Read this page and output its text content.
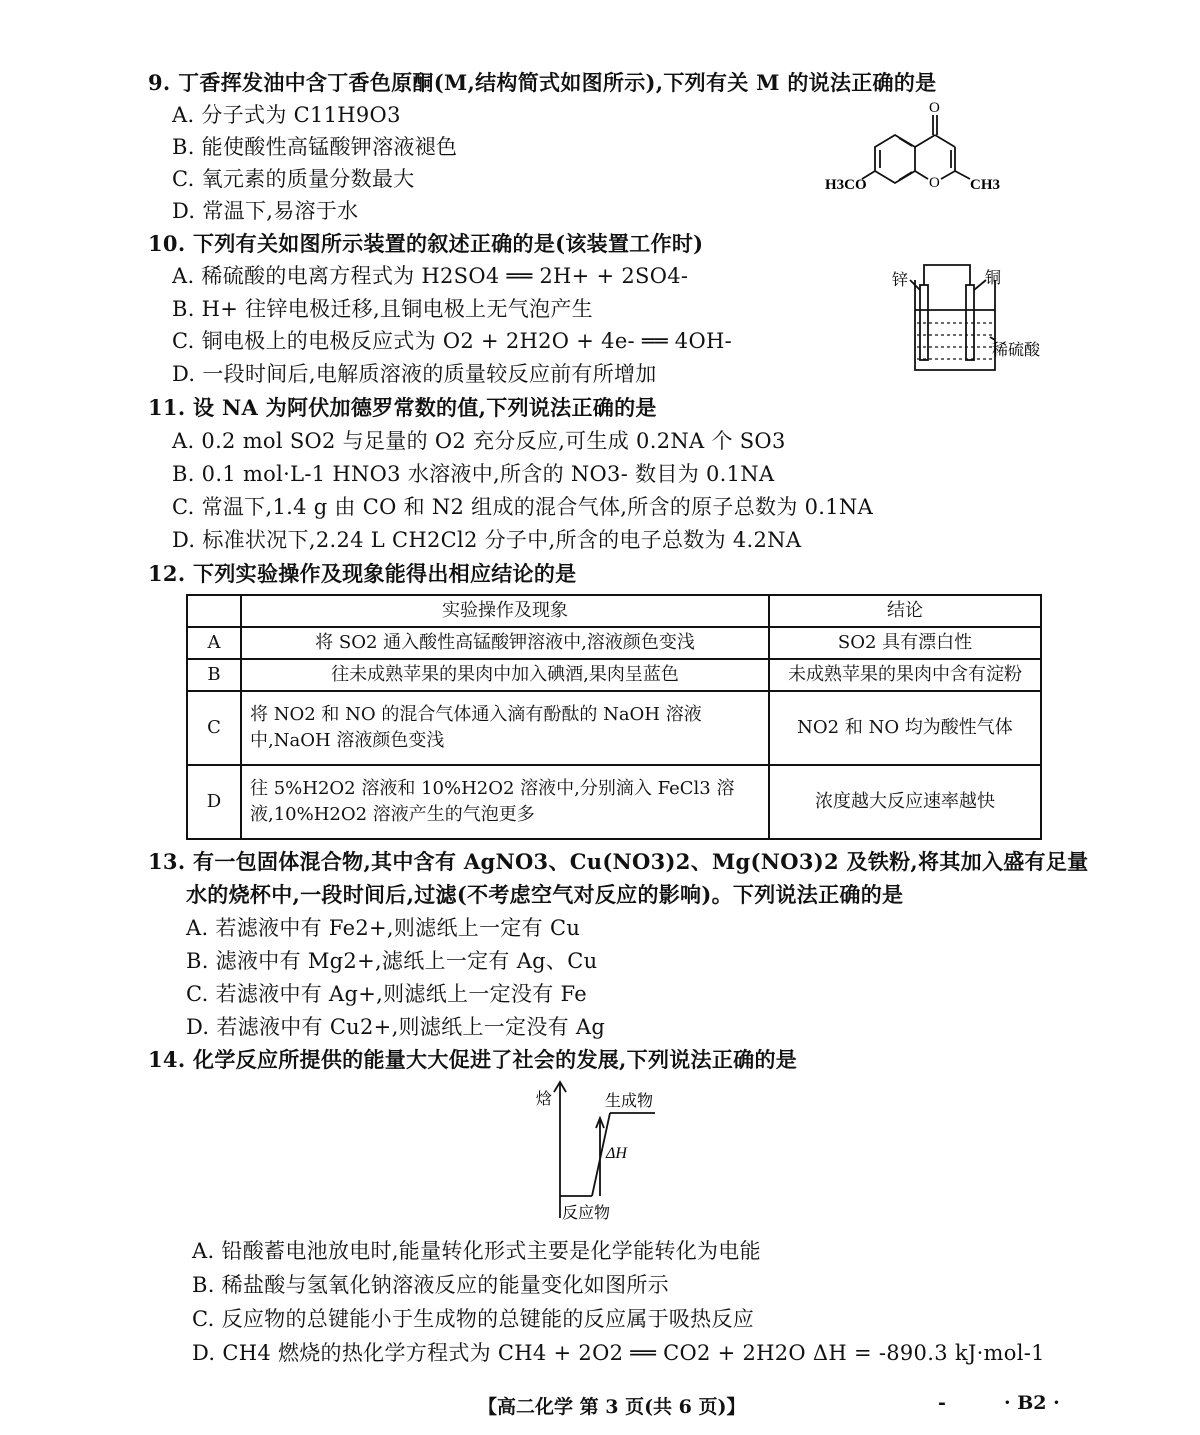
9. 丁香挥发油中含丁香色原酮(M,结构简式如图所示),下列有关 M 的说法正确的是
A. 分子式为 C11H9O3
B. 能使酸性高锰酸钾溶液褪色
C. 氧元素的质量分数最大
D. 常温下,易溶于水
O
O
H3CO	CH3
10. 下列有关如图所示装置的叙述正确的是(该装置工作时)
A. 稀硫酸的电离方程式为 H2SO4 ══ 2H+ + 2SO4-
B. H+ 往锌电极迁移,且铜电极上无气泡产生
C. 铜电极上的电极反应式为 O2 + 2H2O + 4e- ══ 4OH-
D. 一段时间后,电解质溶液的质量较反应前有所增加
锌	铜
稀硫酸
11. 设 NA 为阿伏加德罗常数的值,下列说法正确的是
A. 0.2 mol SO2 与足量的 O2 充分反应,可生成 0.2NA 个 SO3
B. 0.1 mol·L-1 HNO3 水溶液中,所含的 NO3- 数目为 0.1NA
C. 常温下,1.4 g 由 CO 和 N2 组成的混合气体,所含的原子总数为 0.1NA
D. 标准状况下,2.24 L CH2Cl2 分子中,所含的电子总数为 4.2NA
12. 下列实验操作及现象能得出相应结论的是
	实验操作及现象	结论
A	将 SO2 通入酸性高锰酸钾溶液中,溶液颜色变浅	SO2 具有漂白性
B	往未成熟苹果的果肉中加入碘酒,果肉呈蓝色	未成熟苹果的果肉中含有淀粉
C	将 NO2 和 NO 的混合气体通入滴有酚酞的 NaOH 溶液中,NaOH 溶液颜色变浅	NO2 和 NO 均为酸性气体
D	往 5%H2O2 溶液和 10%H2O2 溶液中,分别滴入 FeCl3 溶液,10%H2O2 溶液产生的气泡更多	浓度越大反应速率越快
13. 有一包固体混合物,其中含有 AgNO3、Cu(NO3)2、Mg(NO3)2 及铁粉,将其加入盛有足量
水的烧杯中,一段时间后,过滤(不考虑空气对反应的影响)。下列说法正确的是
A. 若滤液中有 Fe2+,则滤纸上一定有 Cu
B. 滤液中有 Mg2+,滤纸上一定有 Ag、Cu
C. 若滤液中有 Ag+,则滤纸上一定没有 Fe
D. 若滤液中有 Cu2+,则滤纸上一定没有 Ag
14. 化学反应所提供的能量大大促进了社会的发展,下列说法正确的是
焓	生成物
ΔH
反应物
A. 铅酸蓄电池放电时,能量转化形式主要是化学能转化为电能
B. 稀盐酸与氢氧化钠溶液反应的能量变化如图所示
C. 反应物的总键能小于生成物的总键能的反应属于吸热反应
D. CH4 燃烧的热化学方程式为 CH4 + 2O2 ══ CO2 + 2H2O ΔH = -890.3 kJ·mol-1
【高二化学 第 3 页(共 6 页)】	-	· B2 ·
